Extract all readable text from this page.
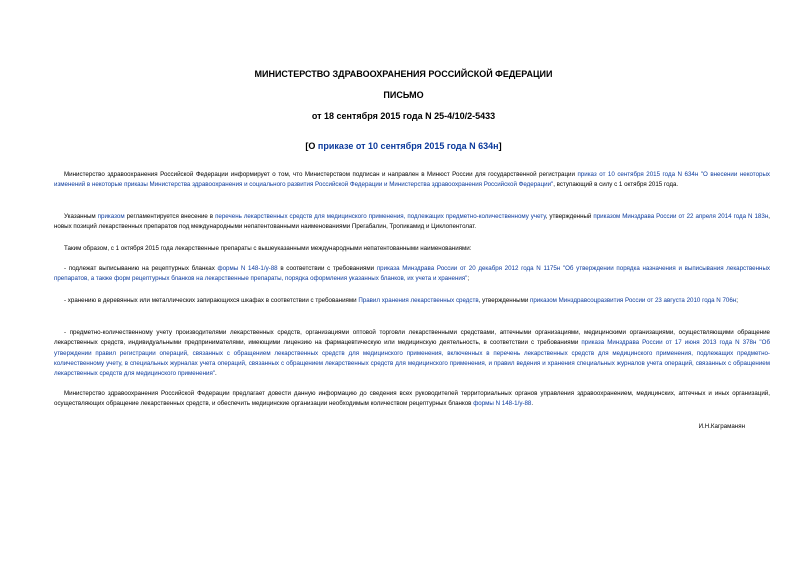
МИНИСТЕРСТВО ЗДРАВООХРАНЕНИЯ РОССИЙСКОЙ ФЕДЕРАЦИИ
ПИСЬМО
от 18 сентября 2015 года N 25-4/10/2-5433
[О приказе от 10 сентября 2015 года N 634н]
Министерство здравоохранения Российской Федерации информирует о том, что Министерством подписан и направлен в Минюст России для государственной регистрации приказ от 10 сентября 2015 года N 634н "О внесении некоторых изменений в некоторые приказы Министерства здравоохранения и социального развития Российской Федерации и Министерства здравоохранения Российской Федерации", вступающий в силу с 1 октября 2015 года.
Указанным приказом регламентируется внесение в перечень лекарственных средств для медицинского применения, подлежащих предметно-количественному учету, утвержденный приказом Минздрава России от 22 апреля 2014 года N 183н, новых позиций лекарственных препаратов под международными непатентованными наименованиями Прегабалин, Тропикамид и Циклопентолат.
Таким образом, с 1 октября 2015 года лекарственные препараты с вышеуказанными международными непатентованными наименованиями:
- подлежат выписыванию на рецептурных бланках формы N 148-1/у-88 в соответствии с требованиями приказа Минздрава России от 20 декабря 2012 года N 1175н "Об утверждении порядка назначения и выписывания лекарственных препаратов, а также форм рецептурных бланков на лекарственные препараты, порядка оформления указанных бланков, их учета и хранения";
- хранению в деревянных или металлических запирающихся шкафах в соответствии с требованиями Правил хранения лекарственных средств, утвержденными приказом Минздравсоцразвития России от 23 августа 2010 года N 706н;
- предметно-количественному учету производителями лекарственных средств, организациями оптовой торговли лекарственными средствами, аптечными организациями, медицинскими организациями, осуществляющими обращение лекарственных средств, индивидуальными предпринимателями, имеющими лицензию на фармацевтическую или медицинскую деятельность, в соответствии с требованиями приказа Минздрава России от 17 июня 2013 года N 378н "Об утверждении правил регистрации операций, связанных с обращением лекарственных средств для медицинского применения, включенных в перечень лекарственных средств для медицинского применения, подлежащих предметно-количественному учету, в специальных журналах учета операций, связанных с обращением лекарственных средств для медицинского применения, и правил ведения и хранения специальных журналов учета операций, связанных с обращением лекарственных средств для медицинского применения".
Министерство здравоохранения Российской Федерации предлагает довести данную информацию до сведения всех руководителей территориальных органов управления здравоохранением, медицинских, аптечных и иных организаций, осуществляющих обращение лекарственных средств, и обеспечить медицинские организации необходимым количеством рецептурных бланков формы N 148-1/у-88.
И.Н.Каграманян
